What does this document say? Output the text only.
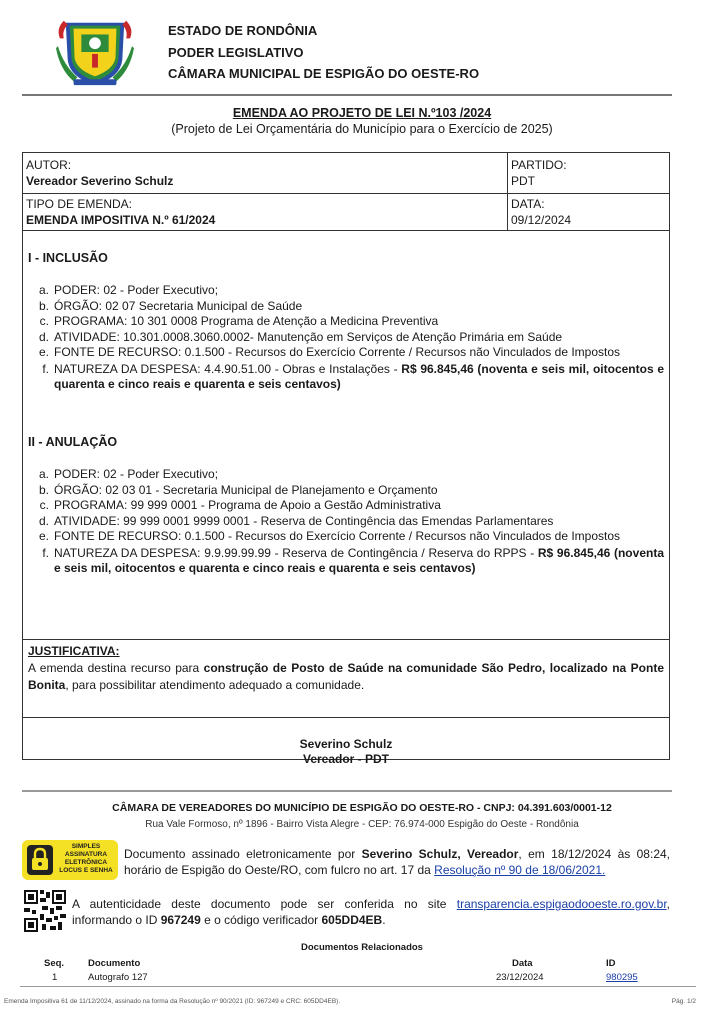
ESTADO DE RONDÔNIA
PODER LEGISLATIVO
CÂMARA MUNICIPAL DE ESPIGÃO DO OESTE-RO
EMENDA AO PROJETO DE LEI N.º103 /2024
(Projeto de Lei Orçamentária do Município para o Exercício de 2025)
AUTOR:
Vereador Severino Schulz
PARTIDO:
PDT
TIPO DE EMENDA:
EMENDA IMPOSITIVA N.º 61/2024
DATA:
09/12/2024
I - INCLUSÃO
a. PODER: 02 - Poder Executivo;
b. ÓRGÃO: 02 07 Secretaria Municipal de Saúde
c. PROGRAMA: 10 301 0008 Programa de Atenção a Medicina Preventiva
d. ATIVIDADE: 10.301.0008.3060.0002- Manutenção em Serviços de Atenção Primária em Saúde
e. FONTE DE RECURSO: 0.1.500 - Recursos do Exercício Corrente / Recursos não Vinculados de Impostos
f. NATUREZA DA DESPESA: 4.4.90.51.00 - Obras e Instalações - R$ 96.845,46 (noventa e seis mil, oitocentos e quarenta e cinco reais e quarenta e seis centavos)
II - ANULAÇÃO
a. PODER: 02 - Poder Executivo;
b. ÓRGÃO: 02 03 01 - Secretaria Municipal de Planejamento e Orçamento
c. PROGRAMA: 99 999 0001 - Programa de Apoio a Gestão Administrativa
d. ATIVIDADE: 99 999 0001 9999 0001 - Reserva de Contingência das Emendas Parlamentares
e. FONTE DE RECURSO: 0.1.500 - Recursos do Exercício Corrente / Recursos não Vinculados de Impostos
f. NATUREZA DA DESPESA: 9.9.99.99.99 - Reserva de Contingência / Reserva do RPPS - R$ 96.845,46 (noventa e seis mil, oitocentos e quarenta e cinco reais e quarenta e seis centavos)
JUSTIFICATIVA:
A emenda destina recurso para construção de Posto de Saúde na comunidade São Pedro, localizado na Ponte Bonita, para possibilitar atendimento adequado a comunidade.
Severino Schulz
Vereador - PDT
CÂMARA DE VEREADORES DO MUNICÍPIO DE ESPIGÃO DO OESTE-RO - CNPJ: 04.391.603/0001-12
Rua Vale Formoso, nº 1896 - Bairro Vista Alegre - CEP: 76.974-000 Espigão do Oeste - Rondônia
SIMPLES ASSINATURA ELETRÔNICA LOCUS E SENHA
Documento assinado eletronicamente por Severino Schulz, Vereador, em 18/12/2024 às 08:24, horário de Espigão do Oeste/RO, com fulcro no art. 17 da Resolução nº 90 de 18/06/2021.
A autenticidade deste documento pode ser conferida no site transparencia.espigaodooeste.ro.gov.br, informando o ID 967249 e o código verificador 605DD4EB.
Documentos Relacionados
Seq.	Documento	Data	ID
1	Autografo 127	23/12/2024	980295
Emenda Impositiva 61 de 11/12/2024, assinado na forma da Resolução nº 90/2021 (ID: 967249 e CRC: 605DD4EB).	Pág. 1/2
